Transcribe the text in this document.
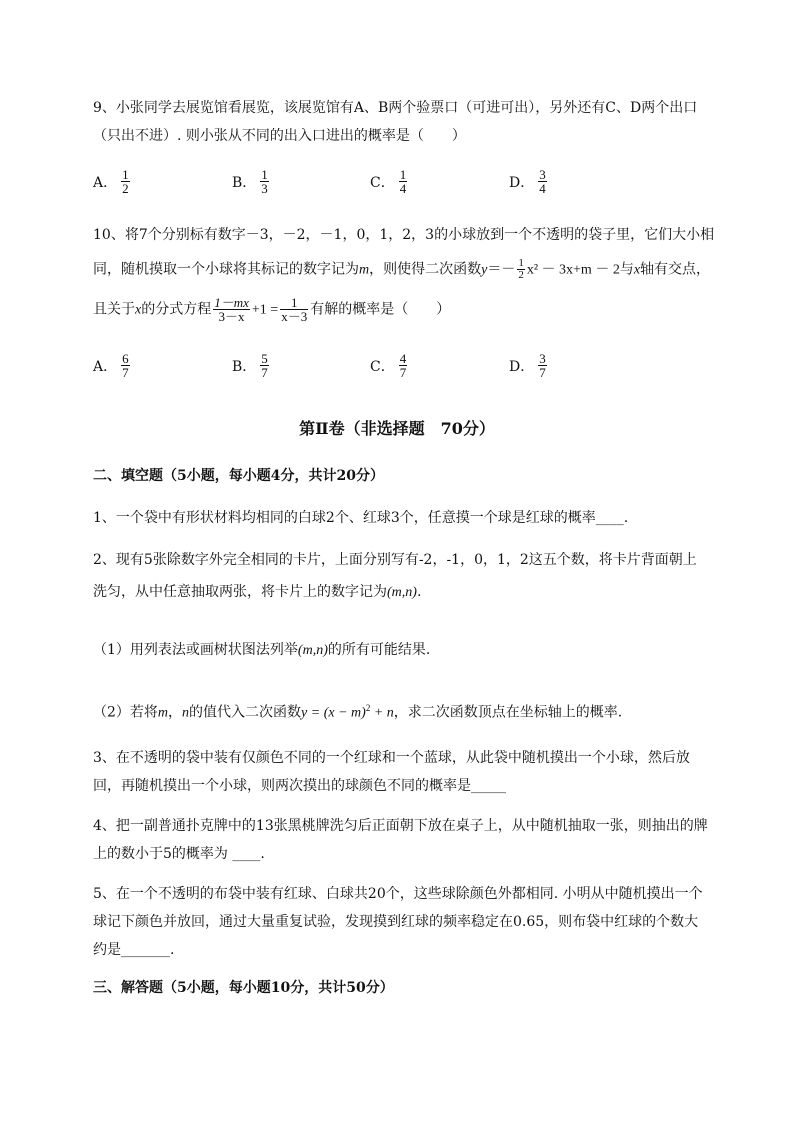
9、小张同学去展览馆看展览，该展览馆有A、B两个验票口（可进可出），另外还有C、D两个出口
（只出不进）. 则小张从不同的出入口进出的概率是（　　）
A． $\frac{1}{2}$	B． $\frac{1}{3}$	C． $\frac{1}{4}$	D． $\frac{3}{4}$
10、将7个分别标有数字－3，－2，－1，0，1，2，3的小球放到一个不透明的袋子里，它们大小相
同，随机摸取一个小球将其标记的数字记为m，则使得二次函数$y=- \frac{1}{2} x^2 - 3x+m - 2$与x轴有交点，
且关于x的分式方程 $\frac{1-mx}{3-x} +1 = \frac{1}{x-3}$ 有解的概率是（　　）
A． $\frac{6}{7}$	B． $\frac{5}{7}$	C． $\frac{4}{7}$	D． $\frac{3}{7}$
第Ⅱ卷（非选择题　70分）
二、填空题（5小题，每小题4分，共计20分）
1、一个袋中有形状材料均相同的白球2个、红球3个，任意摸一个球是红球的概率____.
2、现有5张除数字外完全相同的卡片，上面分别写有-2，-1，0，1，2这五个数，将卡片背面朝上
洗匀，从中任意抽取两张，将卡片上的数字记为(m,n).
（1）用列表法或画树状图法列举(m,n)的所有可能结果.
（2）若将m，n的值代入二次函数$y = (x - m)^2 + n$，求二次函数顶点在坐标轴上的概率.
3、在不透明的袋中装有仅颜色不同的一个红球和一个蓝球，从此袋中随机摸出一个小球，然后放
回，再随机摸出一个小球，则两次摸出的球颜色不同的概率是_____
4、把一副普通扑克牌中的13张黑桃牌洗匀后正面朝下放在桌子上，从中随机抽取一张，则抽出的牌
上的数小于5的概率为 ____.
5、在一个不透明的布袋中装有红球、白球共20个，这些球除颜色外都相同. 小明从中随机摸出一个
球记下颜色并放回，通过大量重复试验，发现摸到红球的频率稳定在0.65，则布袋中红球的个数大
约是_______.
三、解答题（5小题，每小题10分，共计50分）
